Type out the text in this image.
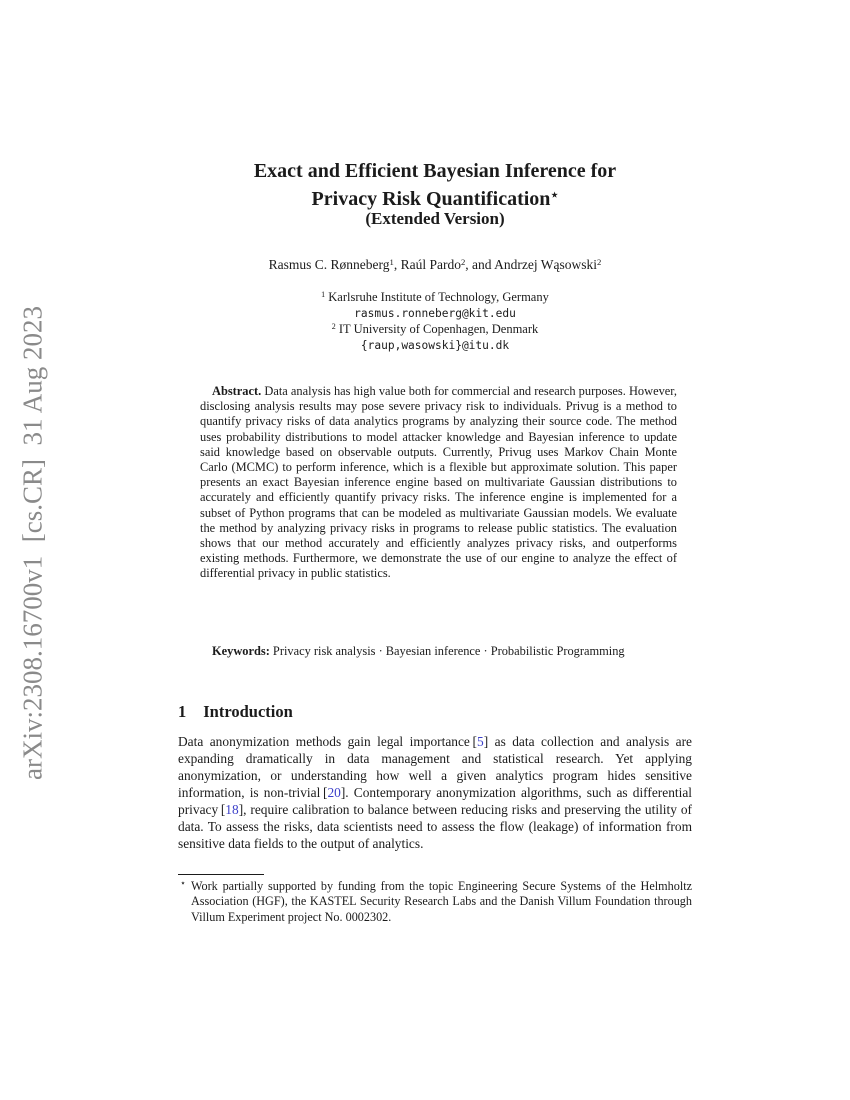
arXiv:2308.16700v1  [cs.CR]  31 Aug 2023
Exact and Efficient Bayesian Inference for
Privacy Risk Quantification⋆
(Extended Version)
Rasmus C. Rønneberg1, Raúl Pardo2, and Andrzej Wąsowski2
1 Karlsruhe Institute of Technology, Germany
rasmus.ronneberg@kit.edu
2 IT University of Copenhagen, Denmark
{raup,wasowski}@itu.dk
Abstract. Data analysis has high value both for commercial and research purposes. However, disclosing analysis results may pose severe privacy risk to individuals. Privug is a method to quantify privacy risks of data analytics programs by analyzing their source code. The method uses probability distributions to model attacker knowledge and Bayesian inference to update said knowledge based on observable outputs. Currently, Privug uses Markov Chain Monte Carlo (MCMC) to perform inference, which is a flexible but approximate solution. This paper presents an exact Bayesian inference engine based on multivariate Gaussian distributions to accurately and efficiently quantify privacy risks. The inference engine is implemented for a subset of Python programs that can be modeled as multivariate Gaussian models. We evaluate the method by analyzing privacy risks in programs to release public statistics. The evaluation shows that our method accurately and efficiently analyzes privacy risks, and outperforms existing methods. Furthermore, we demonstrate the use of our engine to analyze the effect of differential privacy in public statistics.
Keywords: Privacy risk analysis · Bayesian inference · Probabilistic Programming
1 Introduction

Data anonymization methods gain legal importance [5] as data collection and analysis are expanding dramatically in data management and statistical research. Yet applying anonymization, or understanding how well a given analytics program hides sensitive information, is non-trivial [20]. Contemporary anonymization algorithms, such as differential privacy [18], require calibration to balance between reducing risks and preserving the utility of data. To assess the risks, data scientists need to assess the flow (leakage) of information from sensitive data fields to the output of analytics.

⋆ Work partially supported by funding from the topic Engineering Secure Systems of the Helmholtz Association (HGF), the KASTEL Security Research Labs and the Danish Villum Foundation through Villum Experiment project No. 0002302.
